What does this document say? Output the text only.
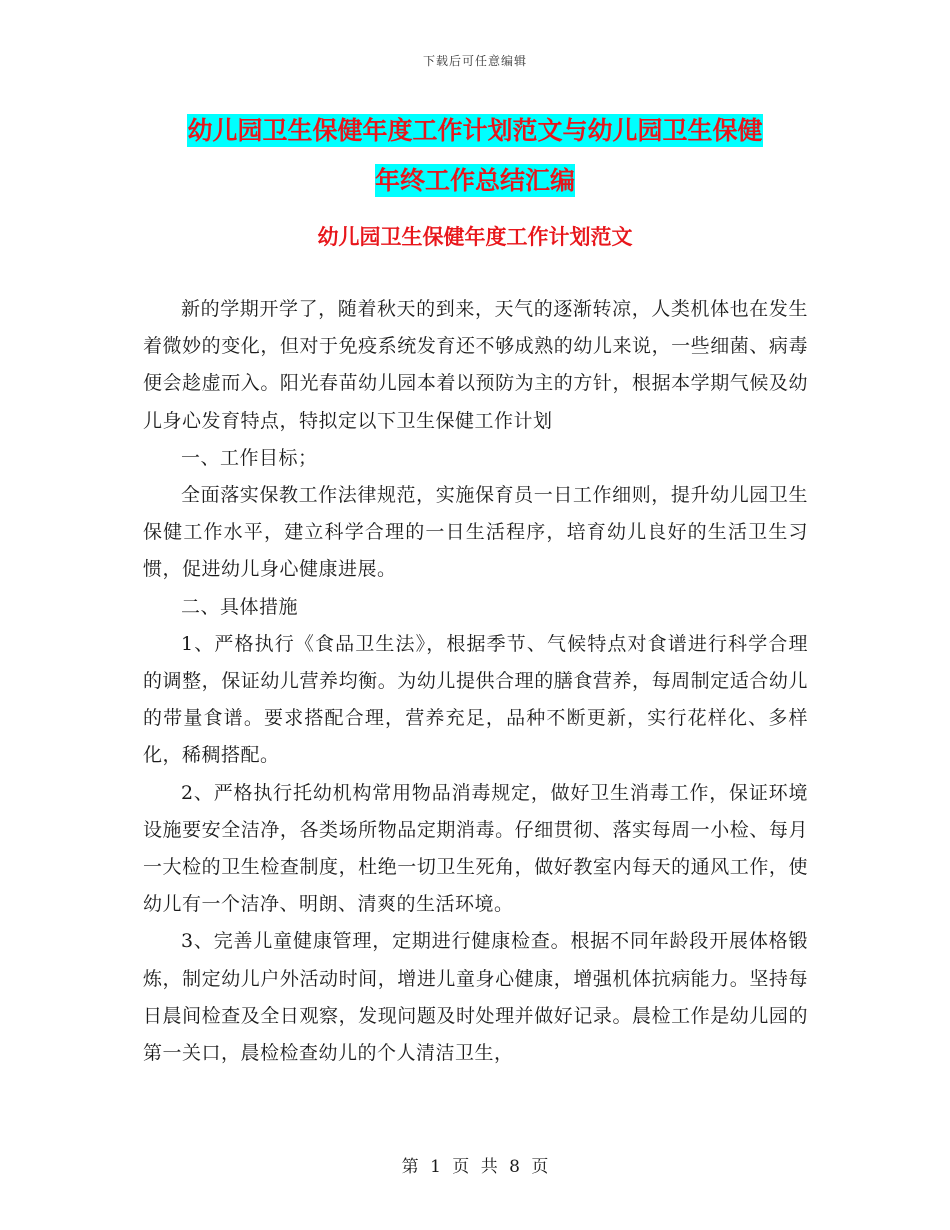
下载后可任意编辑
幼儿园卫生保健年度工作计划范文与幼儿园卫生保健
年终工作总结汇编
幼儿园卫生保健年度工作计划范文

新的学期开学了，随着秋天的到来，天气的逐渐转凉，人类机体也在发生着微妙的变化，但对于免疫系统发育还不够成熟的幼儿来说，一些细菌、病毒便会趁虚而入。阳光春苗幼儿园本着以预防为主的方针，根据本学期气候及幼儿身心发育特点，特拟定以下卫生保健工作计划

一、工作目标；

全面落实保教工作法律规范，实施保育员一日工作细则，提升幼儿园卫生保健工作水平，建立科学合理的一日生活程序，培育幼儿良好的生活卫生习惯，促进幼儿身心健康进展。

二、具体措施

1、严格执行《食品卫生法》，根据季节、气候特点对食谱进行科学合理的调整，保证幼儿营养均衡。为幼儿提供合理的膳食营养，每周制定适合幼儿的带量食谱。要求搭配合理，营养充足，品种不断更新，实行花样化、多样化，稀稠搭配。

2、严格执行托幼机构常用物品消毒规定，做好卫生消毒工作，保证环境设施要安全洁净，各类场所物品定期消毒。仔细贯彻、落实每周一小检、每月一大检的卫生检查制度，杜绝一切卫生死角，做好教室内每天的通风工作，使幼儿有一个洁净、明朗、清爽的生活环境。

3、完善儿童健康管理，定期进行健康检查。根据不同年龄段开展体格锻炼，制定幼儿户外活动时间，增进儿童身心健康，增强机体抗病能力。坚持每日晨间检查及全日观察，发现问题及时处理并做好记录。晨检工作是幼儿园的第一关口，晨检检查幼儿的个人清洁卫生，

第 1 页 共 8 页
